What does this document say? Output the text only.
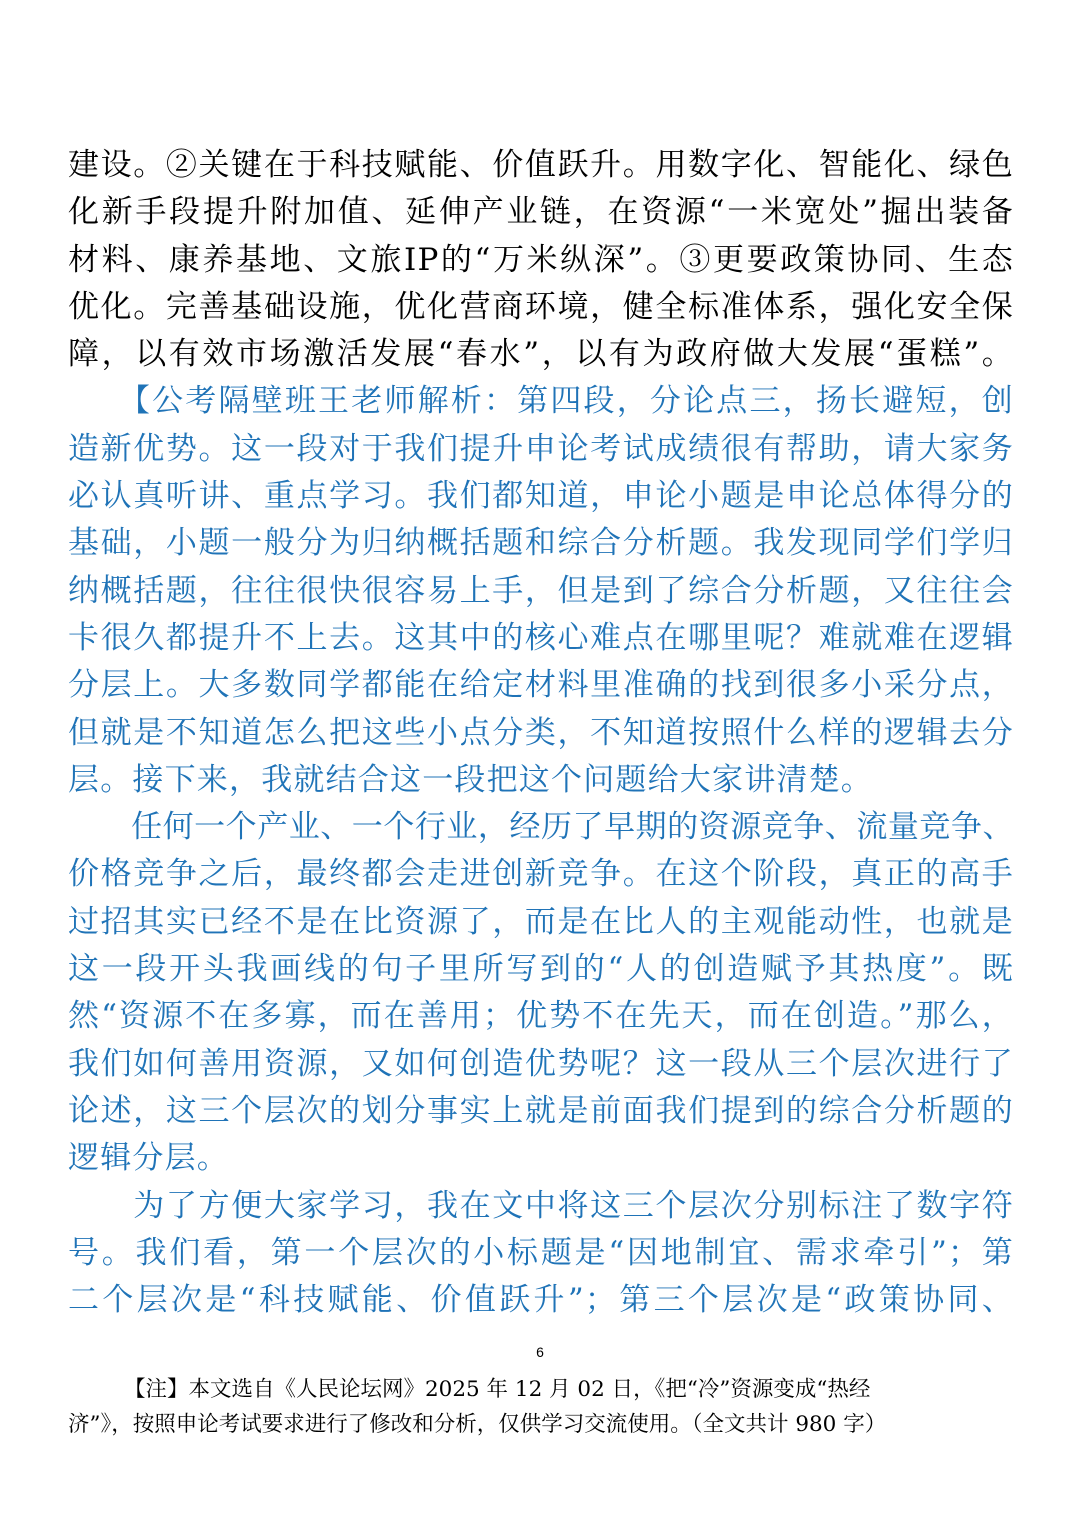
建设。②关键在于科技赋能、价值跃升。用数字化、智能化、绿色
化新手段提升附加值、延伸产业链，在资源“一米宽处”掘出装备
材料、康养基地、文旅IP的“万米纵深”。③更要政策协同、生态
优化。完善基础设施，优化营商环境，健全标准体系，强化安全保
障，以有效市场激活发展“春水”，以有为政府做大发展“蛋糕”。
　　【公考隔壁班王老师解析：第四段，分论点三，扬长避短，创
造新优势。这一段对于我们提升申论考试成绩很有帮助，请大家务
必认真听讲、重点学习。我们都知道，申论小题是申论总体得分的
基础，小题一般分为归纳概括题和综合分析题。我发现同学们学归
纳概括题，往往很快很容易上手，但是到了综合分析题，又往往会
卡很久都提升不上去。这其中的核心难点在哪里呢？难就难在逻辑
分层上。大多数同学都能在给定材料里准确的找到很多小采分点，
但就是不知道怎么把这些小点分类，不知道按照什么样的逻辑去分
层。接下来，我就结合这一段把这个问题给大家讲清楚。
　　任何一个产业、一个行业，经历了早期的资源竞争、流量竞争、
价格竞争之后，最终都会走进创新竞争。在这个阶段，真正的高手
过招其实已经不是在比资源了，而是在比人的主观能动性，也就是
这一段开头我画线的句子里所写到的“人的创造赋予其热度”。既
然“资源不在多寡，而在善用；优势不在先天，而在创造。”那么，
我们如何善用资源，又如何创造优势呢？这一段从三个层次进行了
论述，这三个层次的划分事实上就是前面我们提到的综合分析题的
逻辑分层。
　　为了方便大家学习，我在文中将这三个层次分别标注了数字符
号。我们看，第一个层次的小标题是“因地制宜、需求牵引”；第
二个层次是“科技赋能、价值跃升”；第三个层次是“政策协同、
6
【注】本文选自《人民论坛网》2025 年 12 月 02 日，《把“冷”资源变成“热经
济”》，按照申论考试要求进行了修改和分析，仅供学习交流使用。（全文共计 980 字）
